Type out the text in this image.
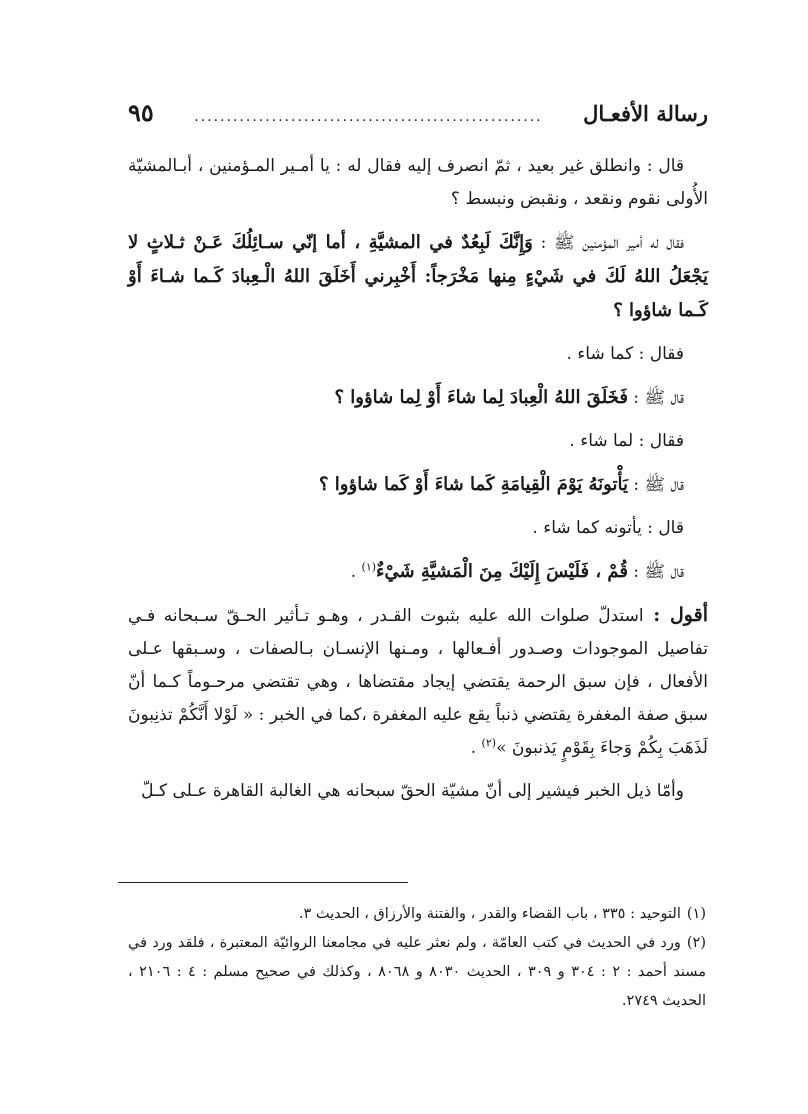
رسالة الأفعـال
......................................................
٩٥

قال : وانطلق غير بعيد ، ثمّ انصرف إليه فقال له : يا أمـير المـؤمنين ، أبـالمشيّة الأُولى نقوم ونقعد ، ونقبض ونبسط ؟

فقال له أمير المؤمنين ﷺ : وَإِنَّكَ لَبِعُدٌ في المشيَّةِ ، أما إنّي سـائِلُكَ عَـنْ ثـلاثٍ لا يَجْعَلُ اللهُ لَكَ في شَيْءٍ مِنها مَخْرَجاً: أَخْبِرني أَخَلَقَ اللهُ الْـعِبادَ كَـما شـاءَ أَوْ كَـما شاؤوا ؟

فقال : كما شاء .

قال ﷺ : فَخَلَقَ اللهُ الْعِبادَ لِما شاءَ أَوْ لِما شاؤوا ؟

فقال : لما شاء .

قال ﷺ : يَأْتونَهُ يَوْمَ الْقِيامَةِ كَما شاءَ أَوْ كَما شاؤوا ؟

قال : يأتونه كما شاء .

قال ﷺ : قُمْ ، فَلَيْسَ إِلَيْكَ مِنَ الْمَشيَّةِ شَيْءٌ$^{(١)}$ .

أقول : استدلّ صلوات الله عليه بثبوت القـدر ، وهـو تـأثير الحـقّ سـبحانه فـي تفاصيل الموجودات وصـدور أفـعالها ، ومـنها الإنسـان بـالصفات ، وسـبقها عـلى الأفعال ، فإن سبق الرحمة يقتضي إيجاد مقتضاها ، وهي تقتضي مرحـوماً كـما أنّ سبق صفة المغفرة يقتضي ذنباً يقع عليه المغفرة ،كما في الخبر : « لَوْلا أَنَّكُمْ تذنِبونَ لَذَهَبَ بِكُمْ وَجاءَ بِقَوْمٍ يَذنبونَ »$^{(٢)}$ .

وأمّا ذيل الخبر فيشير إلى أنّ مشيّة الحقّ سبحانه هي الغالبة القاهرة عـلى كـلّ

(١)التوحيد : ٣٣٥ ، باب القضاء والقدر ، والفتنة والأرزاق ، الحديث ٣.

(٢)ورد في الحديث في كتب العامّة ، ولم نعثر عليه في مجامعنا الروائيّة المعتبرة ، فلقد ورد في مسند أحمد : ٢ : ٣٠٤ و ٣٠٩ ، الحديث ٨٠٣٠ و ٨٠٦٨ ، وكذلك في صحيح مسلم : ٤ : ٢١٠٦ ، الحديث ٢٧٤٩.
